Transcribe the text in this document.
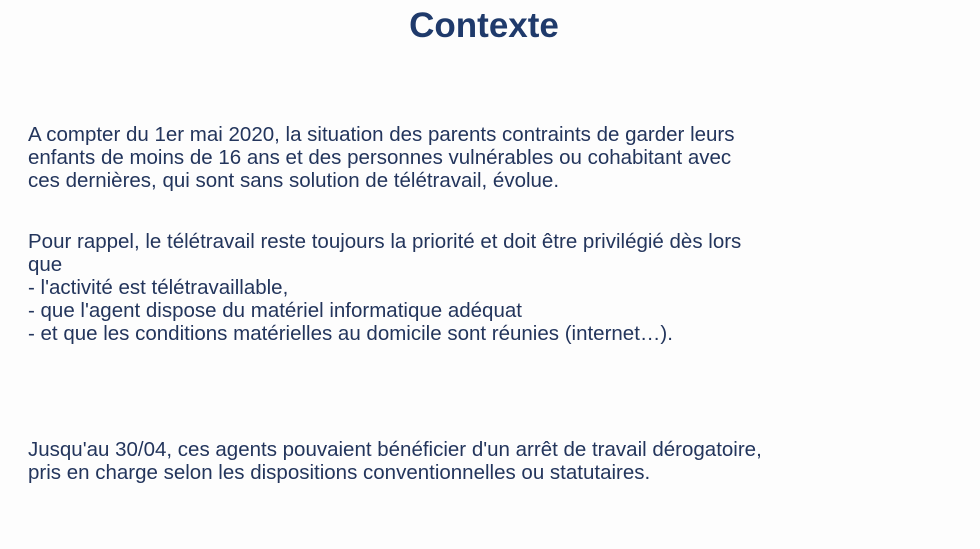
Contexte

A compter du 1er mai 2020, la situation des parents contraints de garder leurs
enfants de moins de 16 ans et des personnes vulnérables ou cohabitant avec
ces dernières, qui sont sans solution de télétravail, évolue.

Pour rappel, le télétravail reste toujours la priorité et doit être privilégié dès lors
que
- l'activité est télétravaillable,
- que l'agent dispose du matériel informatique adéquat
- et que les conditions matérielles au domicile sont réunies (internet…).

Jusqu'au 30/04, ces agents pouvaient bénéficier d'un arrêt de travail dérogatoire,
pris en charge selon les dispositions conventionnelles ou statutaires.
